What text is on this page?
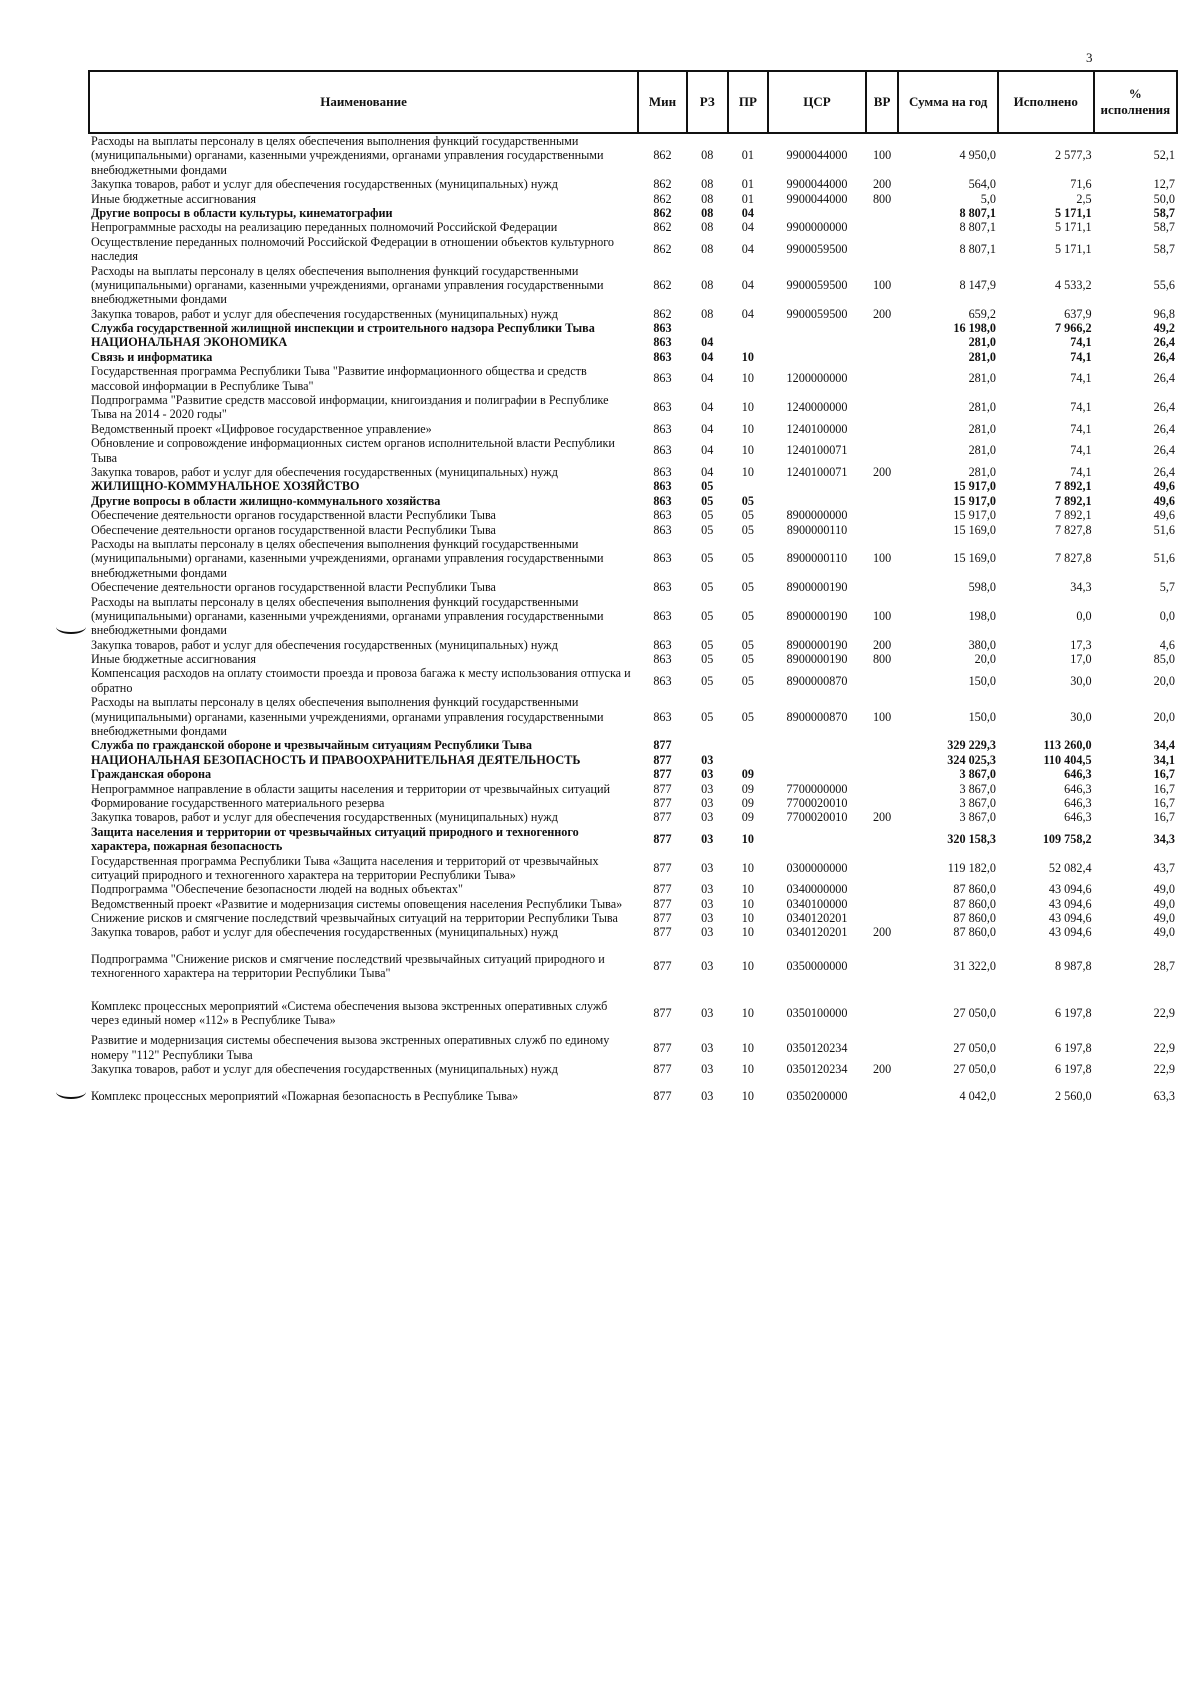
3
Наименование	Мин	РЗ	ПР	ЦСР	ВР	Сумма на год	Исполнено	% исполнения
Расходы на выплаты персоналу в целях обеспечения выполнения функций государственными (муниципальными) органами, казенными учреждениями, органами управления государственными внебюджетными фондами	862	08	01	9900044000	100	4 950,0	2 577,3	52,1
Закупка товаров, работ и услуг для обеспечения государственных (муниципальных) нужд	862	08	01	9900044000	200	564,0	71,6	12,7
Иные бюджетные ассигнования	862	08	01	9900044000	800	5,0	2,5	50,0
Другие вопросы в области культуры, кинематографии	862	08	04			8 807,1	5 171,1	58,7
Непрограммные расходы на реализацию переданных полномочий Российской Федерации	862	08	04	9900000000		8 807,1	5 171,1	58,7
Осуществление переданных полномочий Российской Федерации в отношении объектов культурного наследия	862	08	04	9900059500		8 807,1	5 171,1	58,7
Расходы на выплаты персоналу в целях обеспечения выполнения функций государственными (муниципальными) органами, казенными учреждениями, органами управления государственными внебюджетными фондами	862	08	04	9900059500	100	8 147,9	4 533,2	55,6
Закупка товаров, работ и услуг для обеспечения государственных (муниципальных) нужд	862	08	04	9900059500	200	659,2	637,9	96,8
Служба государственной жилищной инспекции и строительного надзора Республики Тыва	863					16 198,0	7 966,2	49,2
НАЦИОНАЛЬНАЯ ЭКОНОМИКА	863	04				281,0	74,1	26,4
Связь и информатика	863	04	10			281,0	74,1	26,4
Государственная программа Республики Тыва "Развитие информационного общества и средств массовой информации в Республике Тыва"	863	04	10	1200000000		281,0	74,1	26,4
Подпрограмма "Развитие средств массовой информации, книгоиздания и полиграфии в Республике Тыва на 2014 - 2020 годы"	863	04	10	1240000000		281,0	74,1	26,4
Ведомственный проект «Цифровое государственное управление»	863	04	10	1240100000		281,0	74,1	26,4
Обновление и сопровождение информационных систем органов исполнительной власти Республики Тыва	863	04	10	1240100071		281,0	74,1	26,4
Закупка товаров, работ и услуг для обеспечения государственных (муниципальных) нужд	863	04	10	1240100071	200	281,0	74,1	26,4
ЖИЛИЩНО-КОММУНАЛЬНОЕ ХОЗЯЙСТВО	863	05				15 917,0	7 892,1	49,6
Другие вопросы в области жилищно-коммунального хозяйства	863	05	05			15 917,0	7 892,1	49,6
Обеспечение деятельности органов государственной власти Республики Тыва	863	05	05	8900000000		15 917,0	7 892,1	49,6
Обеспечение деятельности органов государственной власти Республики Тыва	863	05	05	8900000110		15 169,0	7 827,8	51,6
Расходы на выплаты персоналу в целях обеспечения выполнения функций государственными (муниципальными) органами, казенными учреждениями, органами управления государственными внебюджетными фондами	863	05	05	8900000110	100	15 169,0	7 827,8	51,6
Обеспечение деятельности органов государственной власти Республики Тыва	863	05	05	8900000190		598,0	34,3	5,7
Расходы на выплаты персоналу в целях обеспечения выполнения функций государственными (муниципальными) органами, казенными учреждениями, органами управления государственными внебюджетными фондами	863	05	05	8900000190	100	198,0	0,0	0,0
Закупка товаров, работ и услуг для обеспечения государственных (муниципальных) нужд	863	05	05	8900000190	200	380,0	17,3	4,6
Иные бюджетные ассигнования	863	05	05	8900000190	800	20,0	17,0	85,0
Компенсация расходов на оплату стоимости проезда и провоза багажа к месту использования отпуска и обратно	863	05	05	8900000870		150,0	30,0	20,0
Расходы на выплаты персоналу в целях обеспечения выполнения функций государственными (муниципальными) органами, казенными учреждениями, органами управления государственными внебюджетными фондами	863	05	05	8900000870	100	150,0	30,0	20,0
Служба по гражданской обороне и чрезвычайным ситуациям Республики Тыва	877					329 229,3	113 260,0	34,4
НАЦИОНАЛЬНАЯ БЕЗОПАСНОСТЬ И ПРАВООХРАНИТЕЛЬНАЯ ДЕЯТЕЛЬНОСТЬ	877	03				324 025,3	110 404,5	34,1
Гражданская оборона	877	03	09			3 867,0	646,3	16,7
Непрограммное направление в области защиты населения и территории от чрезвычайных ситуаций	877	03	09	7700000000		3 867,0	646,3	16,7
Формирование государственного материального резерва	877	03	09	7700020010		3 867,0	646,3	16,7
Закупка товаров, работ и услуг для обеспечения государственных (муниципальных) нужд	877	03	09	7700020010	200	3 867,0	646,3	16,7
Защита населения и территории от чрезвычайных ситуаций природного и техногенного характера, пожарная безопасность	877	03	10			320 158,3	109 758,2	34,3
Государственная программа Республики Тыва «Защита населения и территорий от чрезвычайных ситуаций природного и техногенного характера на территории Республики Тыва»	877	03	10	0300000000		119 182,0	52 082,4	43,7
Подпрограмма "Обеспечение безопасности людей на водных объектах"	877	03	10	0340000000		87 860,0	43 094,6	49,0
Ведомственный проект «Развитие и модернизация системы оповещения населения Республики Тыва»	877	03	10	0340100000		87 860,0	43 094,6	49,0
Снижение рисков и смягчение последствий чрезвычайных ситуаций на территории Республики Тыва	877	03	10	0340120201		87 860,0	43 094,6	49,0
Закупка товаров, работ и услуг для обеспечения государственных (муниципальных) нужд	877	03	10	0340120201	200	87 860,0	43 094,6	49,0
Подпрограмма "Снижение рисков и смягчение последствий чрезвычайных ситуаций природного и техногенного характера на территории Республики Тыва"	877	03	10	0350000000		31 322,0	8 987,8	28,7
Комплекс процессных мероприятий «Система обеспечения вызова экстренных оперативных служб через единый номер «112» в Республике Тыва»	877	03	10	0350100000		27 050,0	6 197,8	22,9
Развитие и модернизация системы обеспечения вызова экстренных оперативных служб по единому номеру "112" Республики Тыва	877	03	10	0350120234		27 050,0	6 197,8	22,9
Закупка товаров, работ и услуг для обеспечения государственных (муниципальных) нужд	877	03	10	0350120234	200	27 050,0	6 197,8	22,9
Комплекс процессных мероприятий «Пожарная безопасность в Республике Тыва»	877	03	10	0350200000		4 042,0	2 560,0	63,3
